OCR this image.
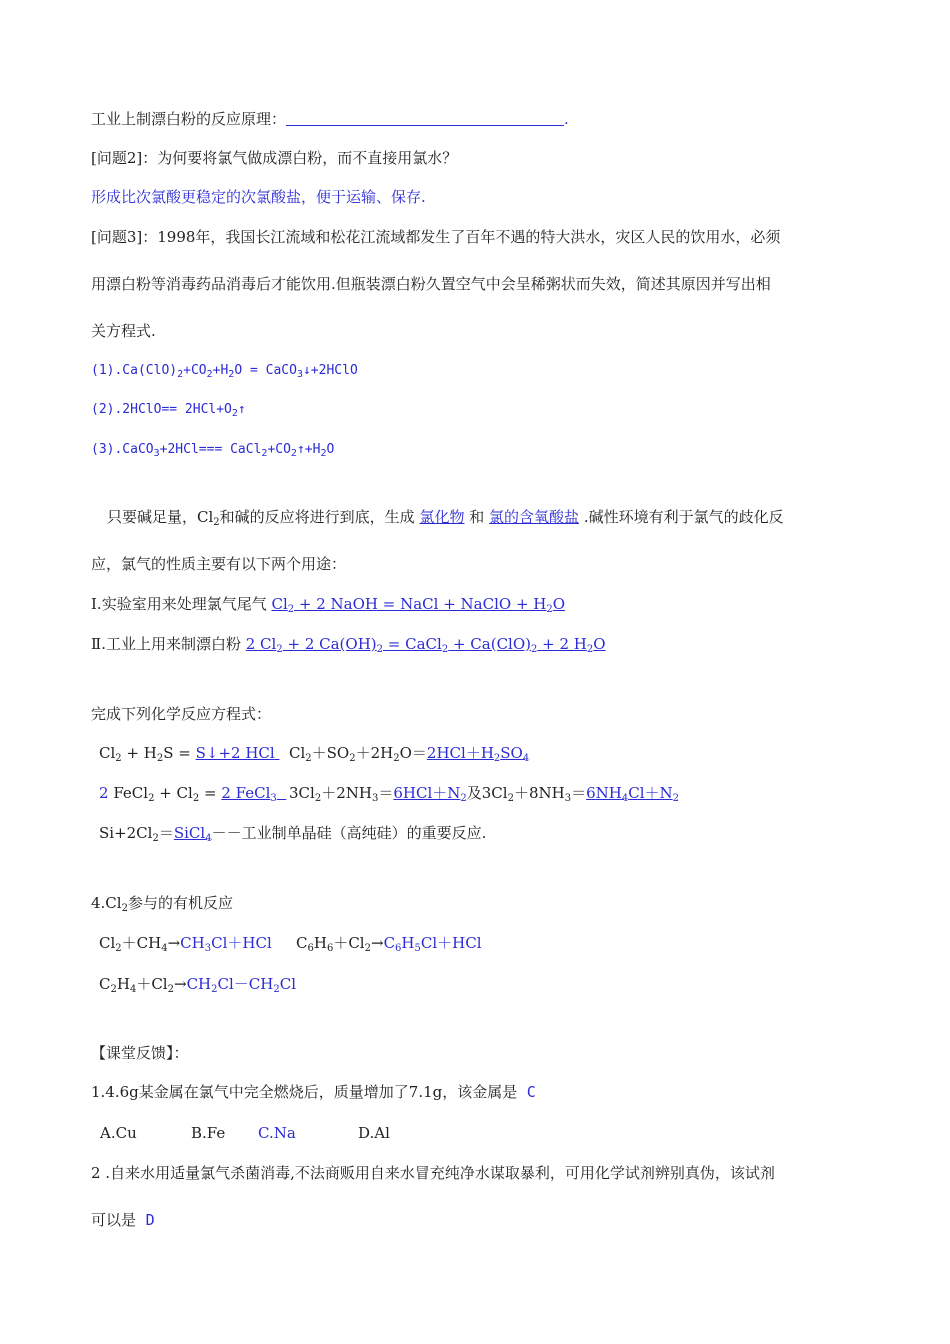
工业上制漂白粉的反应原理：	.
[问题2]：为何要将氯气做成漂白粉，而不直接用氯水？
形成比次氯酸更稳定的次氯酸盐，便于运输、保存.
[问题3]：1998年，我国长江流域和松花江流域都发生了百年不遇的特大洪水，灾区人民的饮用水，必须
用漂白粉等消毒药品消毒后才能饮用.但瓶装漂白粉久置空气中会呈稀粥状而失效，简述其原因并写出相
关方程式.
$(1).Ca(ClO)_2+CO_2+H_2O$ = CaCO$_3$↓+2HClO
(2).2HClO== $2HCl+O_2↑$
(3).CaCO$_3$+2HCl=== $CaCl_2+CO_2↑+H_2O$
只要碱足量，$Cl_2$和碱的反应将进行到底，生成 氯化物 和 氯的含氧酸盐 .碱性环境有利于氯气的歧化反
应，氯气的性质主要有以下两个用途：
Ⅰ.实验室用来处理氯气尾气 $Cl_2 + 2$ NaOH = NaCl + NaClO + $H_2O$
Ⅱ.工业上用来制漂白粉 2 $Cl_2 + 2$ $Ca(OH)_2$ = CaCl$_2$ + $Ca(ClO)_2 + 2$ $H_2O$
完成下列化学反应方程式：
$Cl_2 + H_2S$ = S↓+2 HCl $Cl_2+SO_2+2H_2O=2HCl+H_2SO_4$
2 FeCl$_2$ + $Cl_2 = 2$ FeCl$_3$ $3Cl_2+2NH_3=6HCl+N_2$及$3Cl_2+8NH_3=6NH_4Cl+N_2$
$Si+2Cl_2=SiCl_4--$工业制单晶硅（高纯硅）的重要反应.
$4.Cl_2$参与的有机反应
$Cl_2+CH_4\to CH_3Cl+HCl$ $C_6H_6+Cl_2\to C_6H_5Cl+HCl$
$C_2H_4+Cl_2\to CH_2Cl-CH_2Cl$
【课堂反馈】：
1.4.6g某金属在氯气中完全燃烧后，质量增加了7.1g，该金属是 C
A.Cu	B.Fe C.Na	D.Al
2 .自来水用适量氯气杀菌消毒,不法商贩用自来水冒充纯净水谋取暴利，可用化学试剂辨别真伪，该试剂
可以是 D
